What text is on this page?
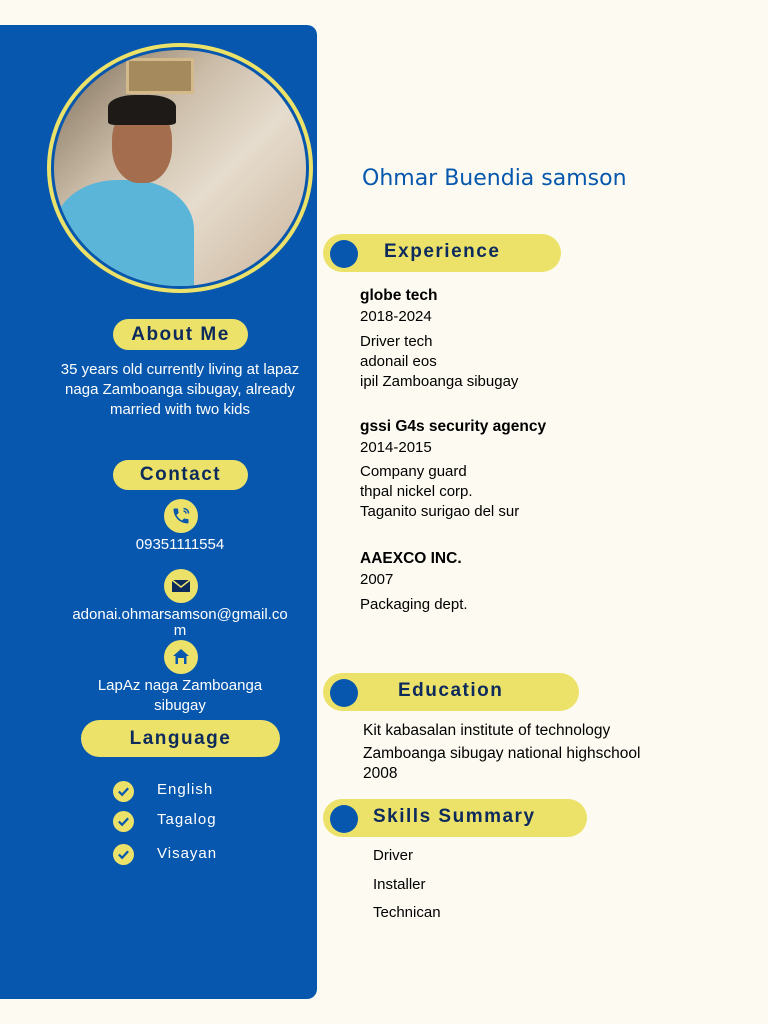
About Me
35 years old currently living at lapaz naga Zamboanga sibugay, already married with two kids
Contact
09351111554
adonai.ohmarsamson@gmail.co
m
LapAz naga Zamboanga
sibugay
Language
English
Tagalog
Visayan
Ohmar Buendia samson
Experience
globe tech
2018-2024
Driver tech
adonail eos
ipil Zamboanga sibugay
gssi G4s security agency
2014-2015
Company guard
thpal nickel corp.
Taganito surigao del sur
AAEXCO INC.
2007
Packaging dept.
Education
Kit kabasalan institute of technology
Zamboanga sibugay national highschool
2008
Skills Summary
Driver
Installer
Technican
